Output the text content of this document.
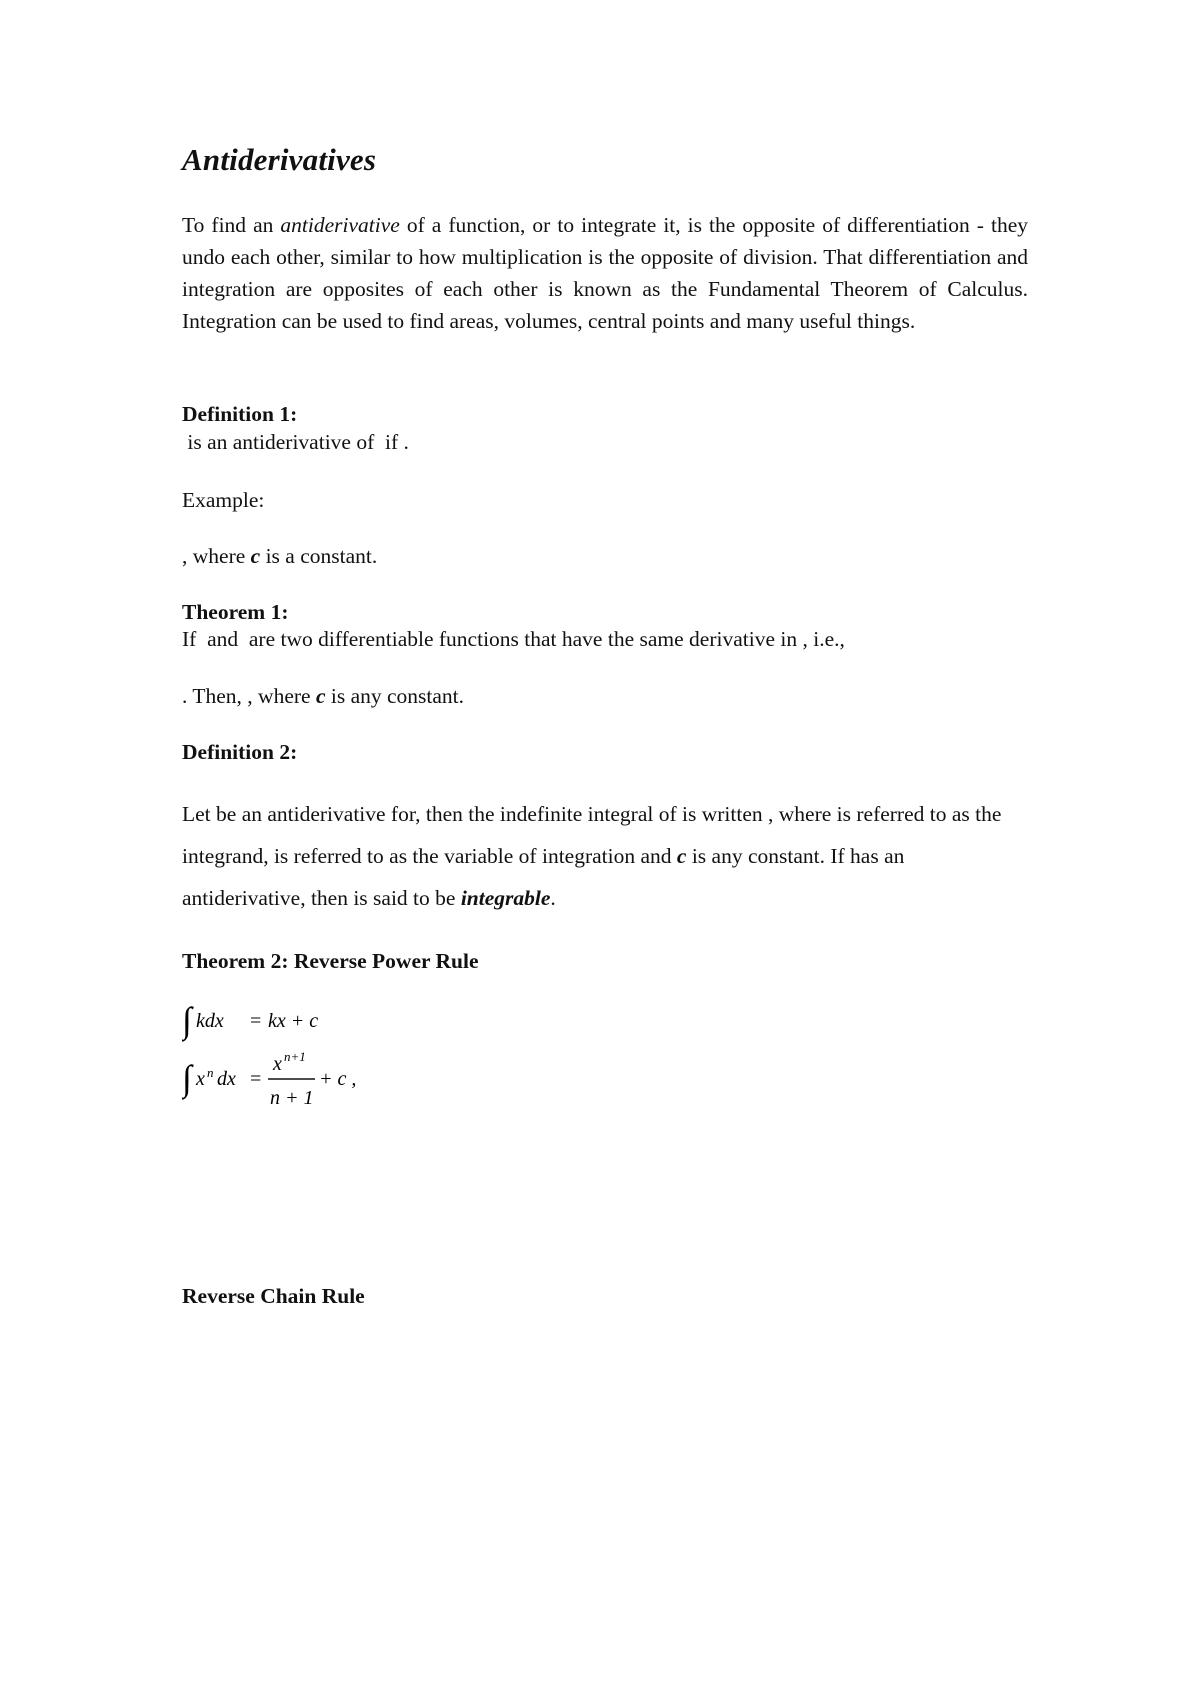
Antiderivatives

To find an antiderivative of a function, or to integrate it, is the opposite of differentiation - they undo each other, similar to how multiplication is the opposite of division. That differentiation and integration are opposites of each other is known as the Fundamental Theorem of Calculus. Integration can be used to find areas, volumes, central points and many useful things.

Definition 1:

is an antiderivative of  if .

Example:

, where c is a constant.

Theorem 1:

If  and  are two differentiable functions that have the same derivative in , i.e.,

. Then, , where c is any constant.

Definition 2:

Let be an antiderivative for, then the indefinite integral of is written , where is referred to as the integrand, is referred to as the variable of integration and c is any constant. If has an antiderivative, then is said to be integrable.

Theorem 2: Reverse Power Rule
∫ kdx = kx + c
∫ x n dx =
x n+1
n + 1
+ c ,
Reverse Chain Rule
